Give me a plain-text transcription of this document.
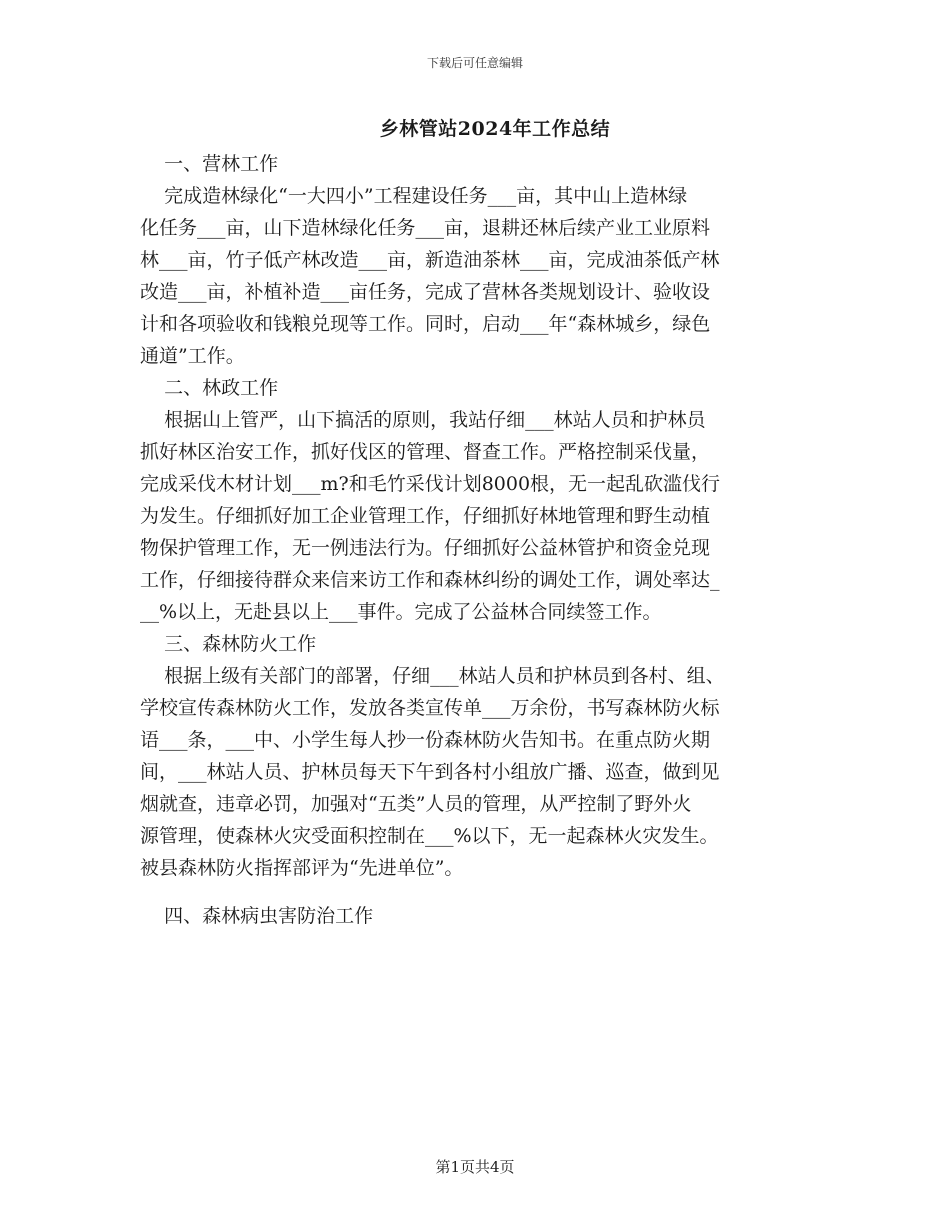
下载后可任意编辑
乡林管站2024年工作总结
一、营林工作
完成造林绿化“一大四小”工程建设任务___亩，其中山上造林绿
化任务___亩，山下造林绿化任务___亩，退耕还林后续产业工业原料
林___亩，竹子低产林改造___亩，新造油茶林___亩，完成油茶低产林
改造___亩，补植补造___亩任务，完成了营林各类规划设计、验收设
计和各项验收和钱粮兑现等工作。同时，启动___年“森林城乡，绿色
通道”工作。
二、林政工作
根据山上管严，山下搞活的原则，我站仔细___林站人员和护林员
抓好林区治安工作，抓好伐区的管理、督查工作。严格控制采伐量，
完成采伐木材计划___m?和毛竹采伐计划8000根，无一起乱砍滥伐行
为发生。仔细抓好加工企业管理工作，仔细抓好林地管理和野生动植
物保护管理工作，无一例违法行为。仔细抓好公益林管护和资金兑现
工作，仔细接待群众来信来访工作和森林纠纷的调处工作，调处率达_
__%以上，无赴县以上___事件。完成了公益林合同续签工作。
三、森林防火工作
根据上级有关部门的部署，仔细___林站人员和护林员到各村、组、
学校宣传森林防火工作，发放各类宣传单___万余份，书写森林防火标
语___条，___中、小学生每人抄一份森林防火告知书。在重点防火期
间，___林站人员、护林员每天下午到各村小组放广播、巡查，做到见
烟就查，违章必罚，加强对“五类”人员的管理，从严控制了野外火
源管理，使森林火灾受面积控制在___%以下，无一起森林火灾发生。
被县森林防火指挥部评为“先进单位”。
四、森林病虫害防治工作
第1页共4页
